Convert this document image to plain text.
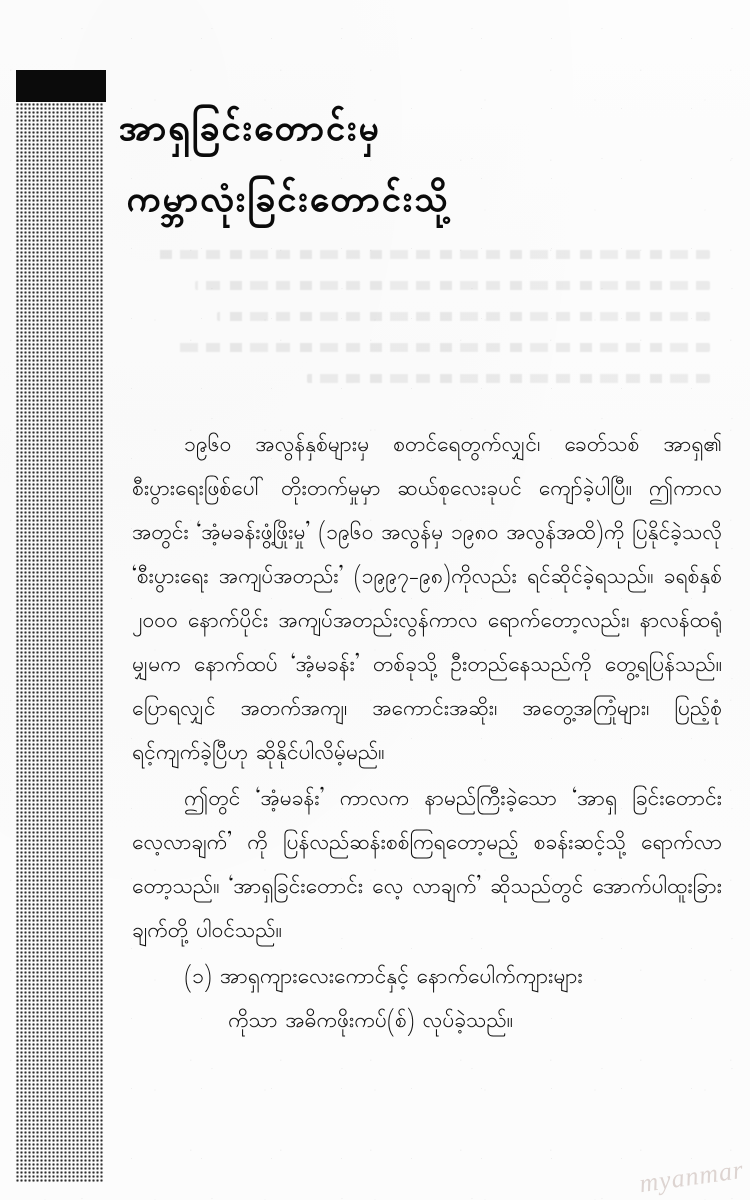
အာရှခြင်းတောင်းမှ
ကမ္ဘာလုံးခြင်းတောင်းသို့

၁၉၆၀ အလွန်နှစ်များမှ စတင်ရေတွက်လျှင်၊ ခေတ်သစ် အာရှ၏ စီးပွားရေးဖြစ်ပေါ် တိုးတက်မှုမှာ ဆယ်စုလေးခုပင် ကျော်ခဲ့ပါပြီ။ ဤကာလအတွင်း ‘အံ့မခန်းဖွံ့ဖြိုးမှု’ (၁၉၆၀ အလွန်မှ ၁၉၈၀ အလွန်အထိ)ကို ပြနိုင်ခဲ့သလို ‘စီးပွားရေး အကျပ်အတည်း’ (၁၉၉၇-၉၈)ကိုလည်း ရင်ဆိုင်ခဲ့ရသည်။ ခရစ်နှစ် ၂၀၀၀ နောက်ပိုင်း အကျပ်အတည်းလွန်ကာလ ရောက်တော့လည်း၊ နာလန်ထရုံမျှမက နောက်ထပ် ‘အံ့မခန်း’ တစ်ခုသို့ ဦးတည်နေသည်ကို တွေ့ရပြန်သည်။ ပြောရလျှင် အတက်အကျ၊ အကောင်းအဆိုး၊ အတွေ့အကြုံများ၊ ပြည့်စုံ ရင့်ကျက်ခဲ့ပြီဟု ဆိုနိုင်ပါလိမ့်မည်။

ဤတွင် ‘အံ့မခန်း’ ကာလက နာမည်ကြီးခဲ့သော ‘အာရှ ခြင်းတောင်း လေ့လာချက်’ ကို ပြန်လည်ဆန်းစစ်ကြရတော့မည့် စခန်းဆင့်သို့ ရောက်လာတော့သည်။ ‘အာရှခြင်းတောင်း လေ့ လာချက်’ ဆိုသည်တွင် အောက်ပါထူးခြားချက်တို့ ပါဝင်သည်။

(၁) အာရှကျားလေးကောင်နှင့် နောက်ပေါက်ကျားများ
ကိုသာ အဓိကဖိုးကပ်(စ်) လုပ်ခဲ့သည်။

myanmar
